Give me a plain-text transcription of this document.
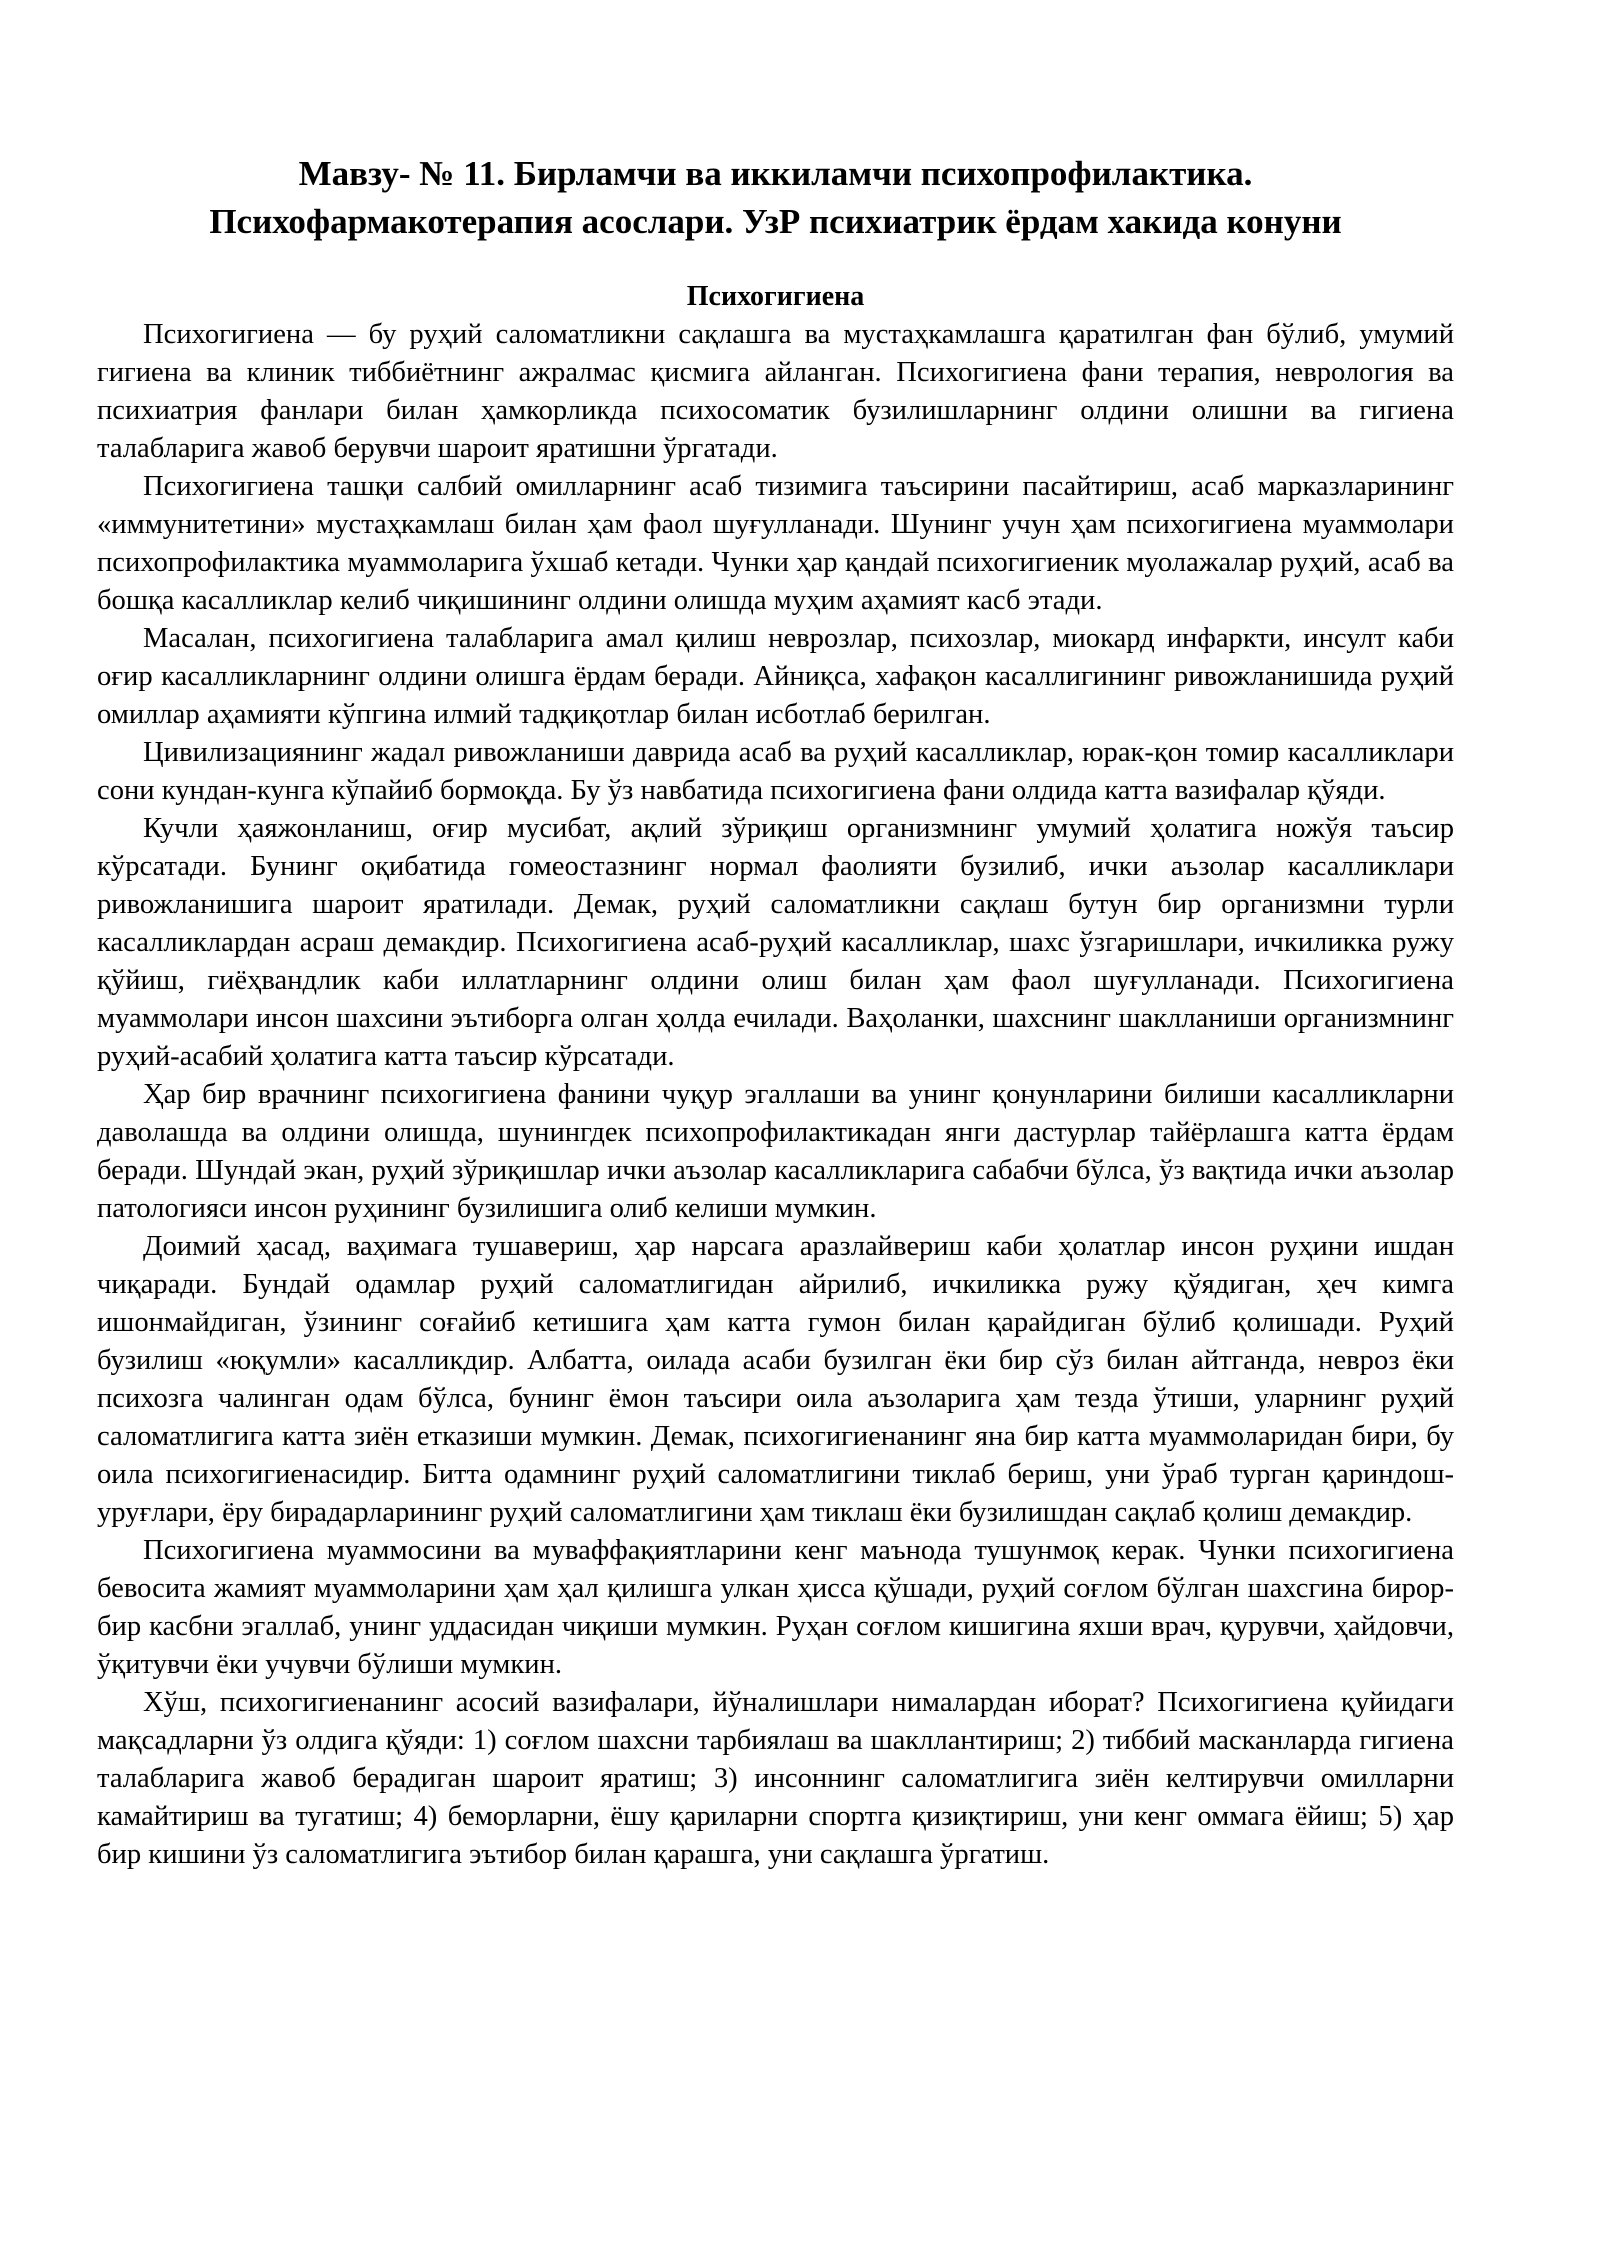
Мавзу- № 11. Бирламчи ва иккиламчи психопрофилактика.
Психофармакотерапия асослари. УзР психиатрик ёрдам хакида конуни
Психогигиена

Психогигиена — бу руҳий саломатликни сақлашга ва мустаҳкамлашга қаратилган фан бўлиб, умумий гигиена ва клиник тиббиётнинг ажралмас қисмига айланган. Психогигиена фани терапия, неврология ва психиатрия фанлари билан ҳамкорликда психосоматик бузилишларнинг олдини олишни ва гигиена талабларига жавоб берувчи шароит яратишни ўргатади.

Психогигиена ташқи салбий омилларнинг асаб тизимига таъсирини пасайтириш, асаб марказларининг «иммунитетини» мустаҳкамлаш билан ҳам фаол шуғулланади. Шунинг учун ҳам психогигиена муаммолари психопрофилактика муаммоларига ўхшаб кетади. Чунки ҳар қандай психогигиеник муолажалар руҳий, асаб ва бошқа касалликлар келиб чиқишининг олдини олишда муҳим аҳамият касб этади.

Масалан, психогигиена талабларига амал қилиш неврозлар, психозлар, миокард инфаркти, инсулт каби оғир касалликларнинг олдини олишга ёрдам беради. Айниқса, хафақон касаллигининг ривожланишида руҳий омиллар аҳамияти кўпгина илмий тадқиқотлар билан исботлаб берилган.

Цивилизациянинг жадал ривожланиши даврида асаб ва руҳий касалликлар, юрак-қон томир касалликлари сони кундан-кунга кўпайиб бормоқда. Бу ўз навбатида психогигиена фани олдида катта вазифалар қўяди.

Кучли ҳаяжонланиш, оғир мусибат, ақлий зўриқиш организмнинг умумий ҳолатига ножўя таъсир кўрсатади. Бунинг оқибатида гомеостазнинг нормал фаолияти бузилиб, ички аъзолар касалликлари ривожланишига шароит яратилади. Демак, руҳий саломатликни сақлаш бутун бир организмни турли касалликлардан асраш демакдир. Психогигиена асаб-руҳий касалликлар, шахс ўзгаришлари, ичкиликка ружу қўйиш, гиёҳвандлик каби иллатларнинг олдини олиш билан ҳам фаол шуғулланади. Психогигиена муаммолари инсон шахсини эътиборга олган ҳолда ечилади. Ваҳоланки, шахснинг шаклланиши организмнинг руҳий-асабий ҳолатига катта таъсир кўрсатади.

Ҳар бир врачнинг психогигиена фанини чуқур эгаллаши ва унинг қонунларини билиши касалликларни даволашда ва олдини олишда, шунингдек психопрофилактикадан янги дастурлар тайёрлашга катта ёрдам беради. Шундай экан, руҳий зўриқишлар ички аъзолар касалликларига сабабчи бўлса, ўз вақтида ички аъзолар патологияси инсон руҳининг бузилишига олиб келиши мумкин.

Доимий ҳасад, ваҳимага тушавериш, ҳар нарсага аразлайвериш каби ҳолатлар инсон руҳини ишдан чиқаради. Бундай одамлар руҳий саломатлигидан айрилиб, ичкиликка ружу қўядиган, ҳеч кимга ишонмайдиган, ўзининг соғайиб кетишига ҳам катта гумон билан қарайдиган бўлиб қолишади. Руҳий бузилиш «юқумли» касалликдир. Албатта, оилада асаби бузилган ёки бир сўз билан айтганда, невроз ёки психозга чалинган одам бўлса, бунинг ёмон таъсири оила аъзоларига ҳам тезда ўтиши, уларнинг руҳий саломатлигига катта зиён етказиши мумкин. Демак, психогигиенанинг яна бир катта муаммоларидан бири, бу оила психогигиенасидир. Битта одамнинг руҳий саломатлигини тиклаб бериш, уни ўраб турган қариндош-уруғлари, ёру бирадарларининг руҳий саломатлигини ҳам тиклаш ёки бузилишдан сақлаб қолиш демакдир.

Психогигиена муаммосини ва муваффақиятларини кенг маънода тушунмоқ керак. Чунки психогигиена бевосита жамият муаммоларини ҳам ҳал қилишга улкан ҳисса қўшади, руҳий соғлом бўлган шахсгина бирор-бир касбни эгаллаб, унинг уддасидан чиқиши мумкин. Руҳан соғлом кишигина яхши врач, қурувчи, ҳайдовчи, ўқитувчи ёки учувчи бўлиши мумкин.

Хўш, психогигиенанинг асосий вазифалари, йўналишлари нималардан иборат? Психогигиена қуйидаги мақсадларни ўз олдига қўяди: 1) соғлом шахсни тарбиялаш ва шакллантириш; 2) тиббий масканларда гигиена талабларига жавоб берадиган шароит яратиш; 3) инсоннинг саломатлигига зиён келтирувчи омилларни камайтириш ва тугатиш; 4) беморларни, ёшу қариларни спортга қизиқтириш, уни кенг оммага ёйиш; 5) ҳар бир кишини ўз саломатлигига эътибор билан қарашга, уни сақлашга ўргатиш.
